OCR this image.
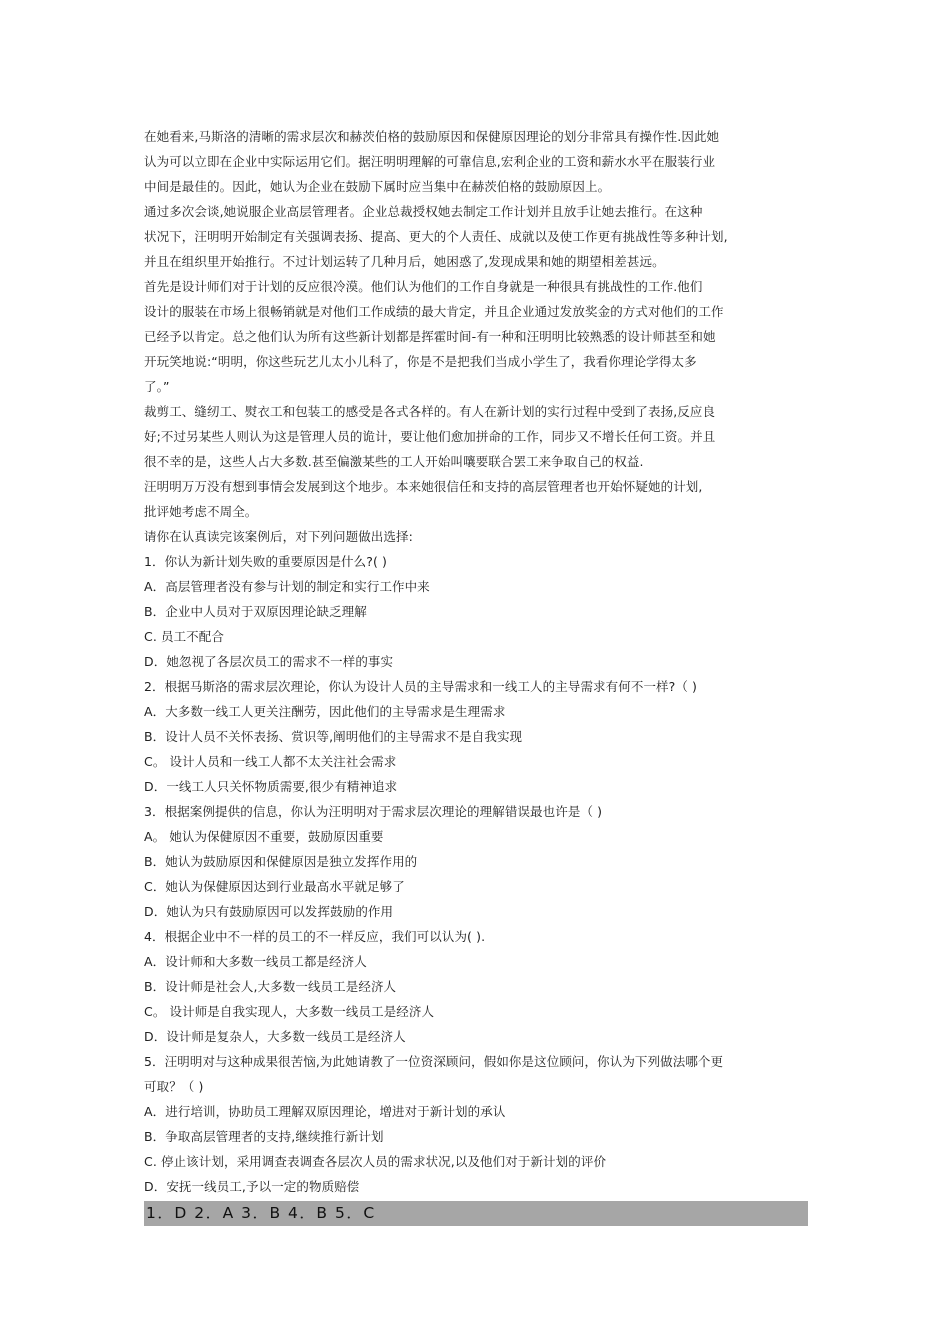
在她看来,马斯洛的清晰的需求层次和赫茨伯格的鼓励原因和保健原因理论的划分非常具有操作性.因此她
认为可以立即在企业中实际运用它们。据汪明明理解的可靠信息,宏利企业的工资和薪水水平在服装行业
中间是最佳的。因此，她认为企业在鼓励下属时应当集中在赫茨伯格的鼓励原因上。
通过多次会谈,她说服企业高层管理者。企业总裁授权她去制定工作计划并且放手让她去推行。在这种
状况下，汪明明开始制定有关强调表扬、提高、更大的个人责任、成就以及使工作更有挑战性等多种计划,
并且在组织里开始推行。不过计划运转了几种月后，她困惑了,发现成果和她的期望相差甚远。
首先是设计师们对于计划的反应很冷漠。他们认为他们的工作自身就是一种很具有挑战性的工作.他们
设计的服装在市场上很畅销就是对他们工作成绩的最大肯定，并且企业通过发放奖金的方式对他们的工作
已经予以肯定。总之他们认为所有这些新计划都是挥霍时间-有一种和汪明明比较熟悉的设计师甚至和她
开玩笑地说:“明明，你这些玩艺儿太小儿科了，你是不是把我们当成小学生了，我看你理论学得太多
了。”
裁剪工、缝纫工、熨衣工和包装工的感受是各式各样的。有人在新计划的实行过程中受到了表扬,反应良
好;不过另某些人则认为这是管理人员的诡计，要让他们愈加拼命的工作，同步又不增长任何工资。并且
很不幸的是，这些人占大多数.甚至偏激某些的工人开始叫嚷要联合罢工来争取自己的权益.
汪明明万万没有想到事情会发展到这个地步。本来她很信任和支持的高层管理者也开始怀疑她的计划,
批评她考虑不周全。
请你在认真读完该案例后，对下列问题做出选择:
1．你认为新计划失败的重要原因是什么?( )
A．高层管理者没有参与计划的制定和实行工作中来
B．企业中人员对于双原因理论缺乏理解
C. 员工不配合
D．她忽视了各层次员工的需求不一样的事实
2．根据马斯洛的需求层次理论，你认为设计人员的主导需求和一线工人的主导需求有何不一样?（ )
A．大多数一线工人更关注酬劳，因此他们的主导需求是生理需求
B．设计人员不关怀表扬、赏识等,阐明他们的主导需求不是自我实现
C。 设计人员和一线工人都不太关注社会需求
D．一线工人只关怀物质需要,很少有精神追求
3．根据案例提供的信息，你认为汪明明对于需求层次理论的理解错误最也许是（ )
A。 她认为保健原因不重要，鼓励原因重要
B．她认为鼓励原因和保健原因是独立发挥作用的
C．她认为保健原因达到行业最高水平就足够了
D．她认为只有鼓励原因可以发挥鼓励的作用
4．根据企业中不一样的员工的不一样反应，我们可以认为( ).
A．设计师和大多数一线员工都是经济人
B．设计师是社会人,大多数一线员工是经济人
C。 设计师是自我实现人，大多数一线员工是经济人
D．设计师是复杂人，大多数一线员工是经济人
5．汪明明对与这种成果很苦恼,为此她请教了一位资深顾问，假如你是这位顾问，你认为下列做法哪个更
可取？（ )
A．进行培训，协助员工理解双原因理论，增进对于新计划的承认
B．争取高层管理者的支持,继续推行新计划
C. 停止该计划，采用调查表调查各层次人员的需求状况,以及他们对于新计划的评价
D．安抚一线员工,予以一定的物质赔偿
1．D 2．A 3．B 4．B 5．C
